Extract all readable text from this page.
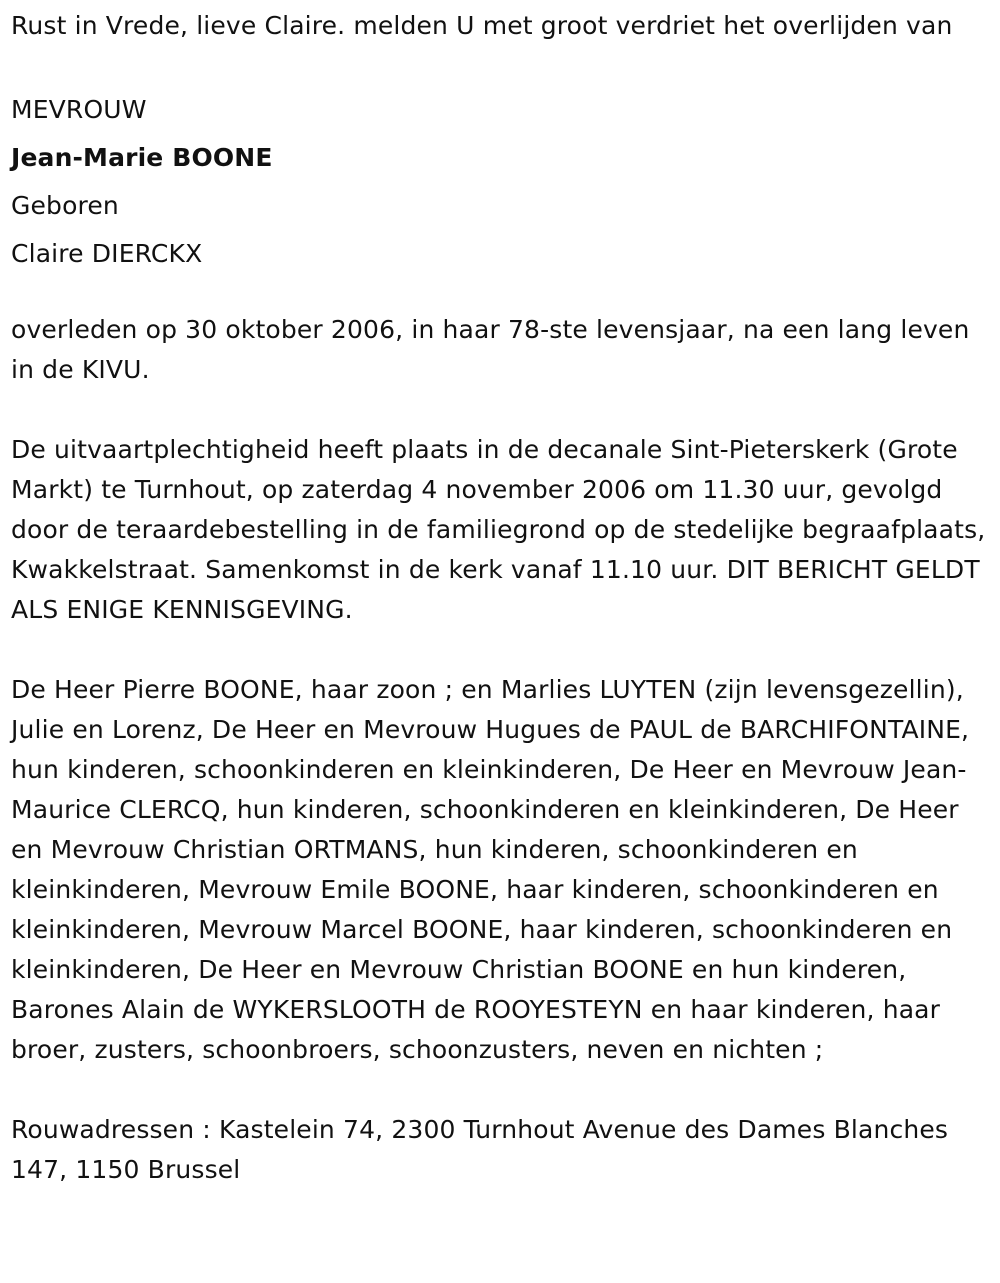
Rust in Vrede, lieve Claire. melden U met groot verdriet het overlijden van

MEVROUW
Jean-Marie BOONE
Geboren
Claire DIERCKX

overleden op 30 oktober 2006, in haar 78-ste levensjaar, na een lang leven in de KIVU.

De uitvaartplechtigheid heeft plaats in de decanale Sint-Pieterskerk (Grote Markt) te Turnhout, op zaterdag 4 november 2006 om 11.30 uur, gevolgd door de teraardebestelling in de familiegrond op de stedelijke begraafplaats, Kwakkelstraat. Samenkomst in de kerk vanaf 11.10 uur. DIT BERICHT GELDT ALS ENIGE KENNISGEVING.

De Heer Pierre BOONE, haar zoon ; en Marlies LUYTEN (zijn levensgezellin), Julie en Lorenz, De Heer en Mevrouw Hugues de PAUL de BARCHIFONTAINE, hun kinderen, schoonkinderen en kleinkinderen, De Heer en Mevrouw Jean-Maurice CLERCQ, hun kinderen, schoonkinderen en kleinkinderen, De Heer en Mevrouw Christian ORTMANS, hun kinderen, schoonkinderen en kleinkinderen, Mevrouw Emile BOONE, haar kinderen, schoonkinderen en kleinkinderen, Mevrouw Marcel BOONE, haar kinderen, schoonkinderen en kleinkinderen, De Heer en Mevrouw Christian BOONE en hun kinderen, Barones Alain de WYKERSLOOTH de ROOYESTEYN en haar kinderen, haar broer, zusters, schoonbroers, schoonzusters, neven en nichten ;

Rouwadressen : Kastelein 74, 2300 Turnhout Avenue des Dames Blanches 147, 1150 Brussel
